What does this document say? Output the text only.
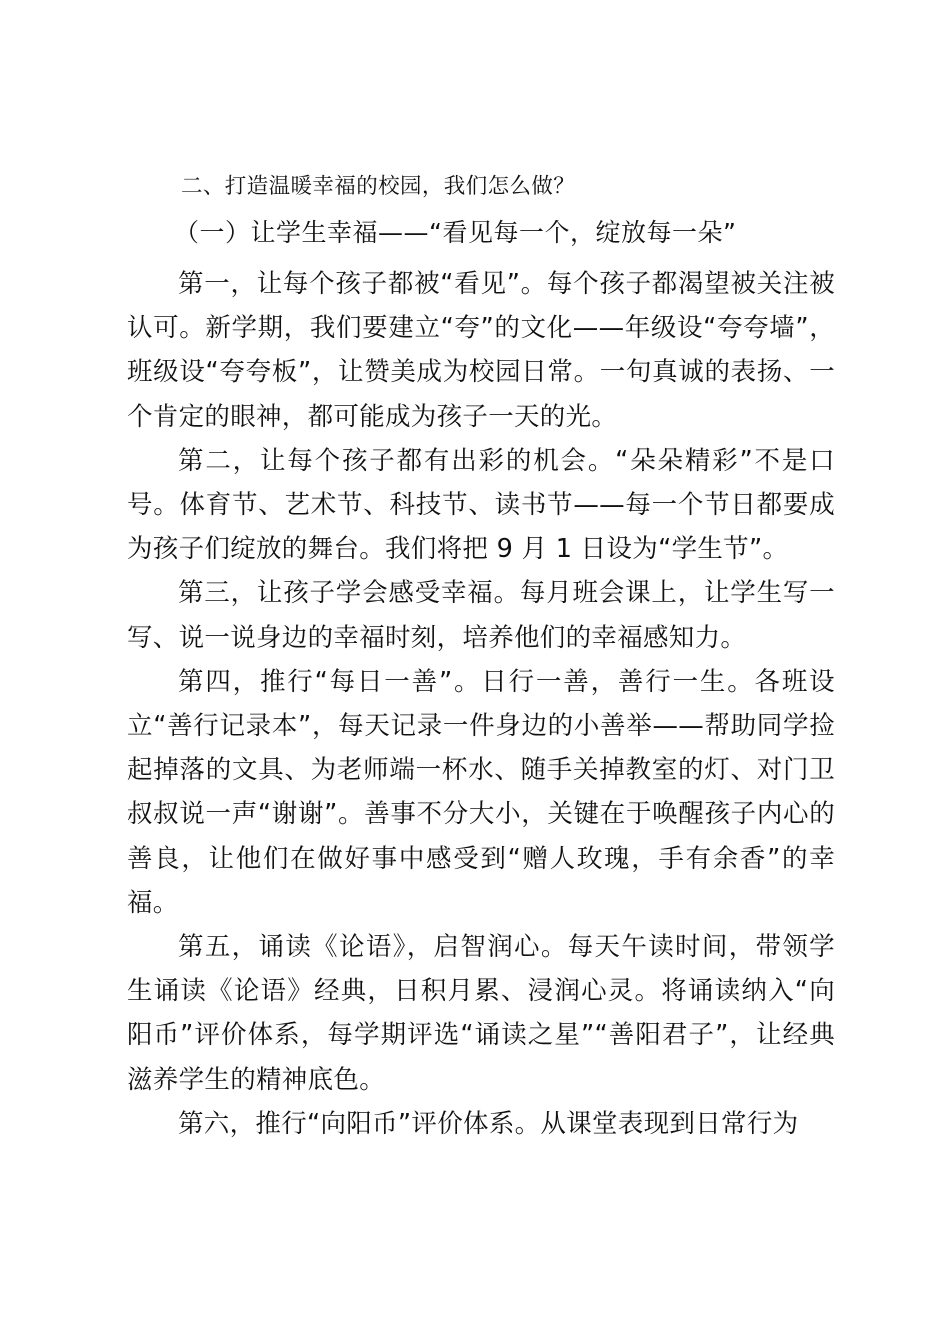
二、打造温暖幸福的校园，我们怎么做？
（一）让学生幸福——“看见每一个，绽放每一朵”

第一，让每个孩子都被“看见”。每个孩子都渴望被关注被认可。新学期，我们要建立“夸”的文化——年级设“夸夸墙”，班级设“夸夸板”，让赞美成为校园日常。一句真诚的表扬、一个肯定的眼神，都可能成为孩子一天的光。

第二，让每个孩子都有出彩的机会。“朵朵精彩”不是口号。体育节、艺术节、科技节、读书节——每一个节日都要成为孩子们绽放的舞台。我们将把 9 月 1 日设为“学生节”。

第三，让孩子学会感受幸福。每月班会课上，让学生写一写、说一说身边的幸福时刻，培养他们的幸福感知力。

第四，推行“每日一善”。日行一善，善行一生。各班设立“善行记录本”，每天记录一件身边的小善举——帮助同学捡起掉落的文具、为老师端一杯水、随手关掉教室的灯、对门卫叔叔说一声“谢谢”。善事不分大小，关键在于唤醒孩子内心的善良，让他们在做好事中感受到“赠人玫瑰，手有余香”的幸福。

第五，诵读《论语》，启智润心。每天午读时间，带领学生诵读《论语》经典，日积月累、浸润心灵。将诵读纳入“向阳币”评价体系，每学期评选“诵读之星”“善阳君子”，让经典滋养学生的精神底色。

第六，推行“向阳币”评价体系。从课堂表现到日常行为
